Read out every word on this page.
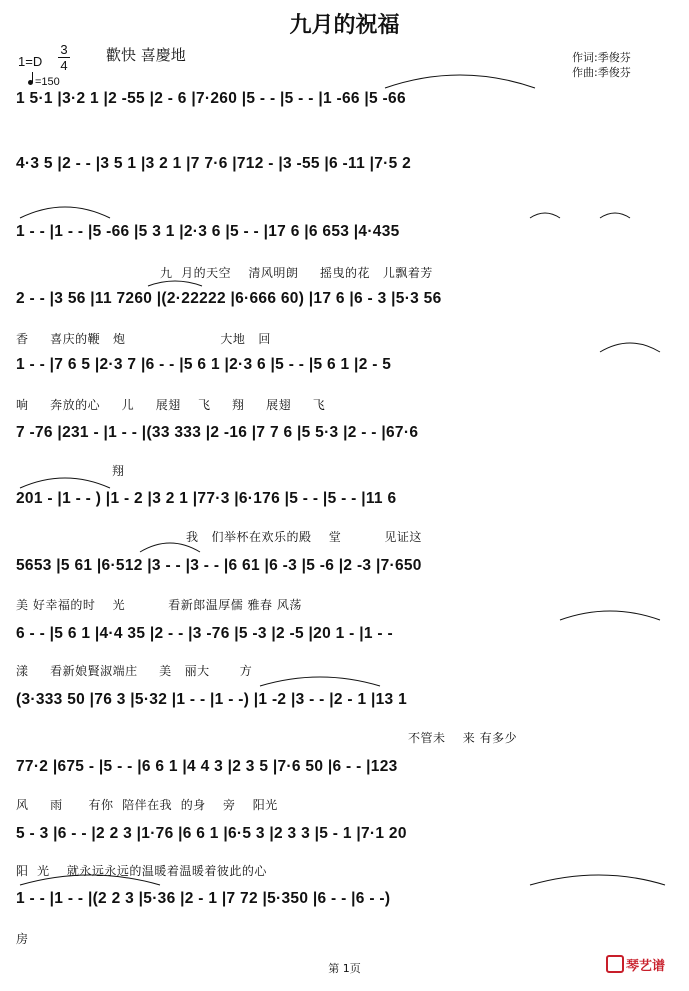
九月的祝福
1=D
3
4
=150
歡快 喜慶地	作词:季俊芬
作曲:季俊芬
1 5·1 |3·2 1 |2 -55 |2 - 6 |7·260 |5 - - |5 - - |1 -66 |5 -66
4·3 5 |2 - - |3 5 1 |3 2 1 |7 7·6 |712 - |3 -55 |6 -11 |7·5 2
1 - - |1 - - |5 -66 |5 3 1 |2·3 6 |5 - - |17 6 |6 653 |4·435
九  月的天空    清风明朗     摇曳的花   儿飘着芳
2 - - |3 56 |11 7260 |(2·22222 |6·666 60) |17 6 |6 - 3 |5·3 56
香     喜庆的鞭   炮                      大地   回
1 - - |7 6 5 |2·3 7 |6 - - |5 6 1 |2·3 6 |5 - - |5 6 1 |2 - 5
响     奔放的心     儿     展翅    飞     翔     展翅     飞
7 -76 |231 - |1 - - |(33 333 |2 -16 |7 7 6 |5 5·3 |2 - - |67·6
翔
201 - |1 - - ) |1 - 2 |3 2 1 |77·3 |6·176 |5 - - |5 - - |11 6
我   们举杯在欢乐的殿    堂          见证这
5653 |5 61 |6·512 |3 - - |3 - - |6 61 |6 -3 |5 -6 |2 -3 |7·650
美 好幸福的时    光          看新郎温厚儒 雅春 风荡
6 - - |5 6 1 |4·4 35 |2 - - |3 -76 |5 -3 |2 -5 |20 1 - |1 - -
漾     看新娘賢淑端庄     美   丽大       方
(3·333 50 |76 3 |5·32 |1 - - |1 - -) |1 -2 |3 - - |2 - 1 |13 1
不管未    来 有多少
77·2 |675 - |5 - - |6 6 1 |4 4 3 |2 3 5 |7·6 50 |6 - - |123
风     雨      有你  陪伴在我  的身    旁    阳光
5 - 3 |6 - - |2 2 3 |1·76 |6 6 1 |6·5 3 |2 3 3 |5 - 1 |7·1 20
阳  光    就永远永远的温暖着温暖着彼此的心
1 - - |1 - - |(2 2 3 |5·36 |2 - 1 |7 72 |5·350 |6 - - |6 - -)
房
第 1页	琴艺谱
